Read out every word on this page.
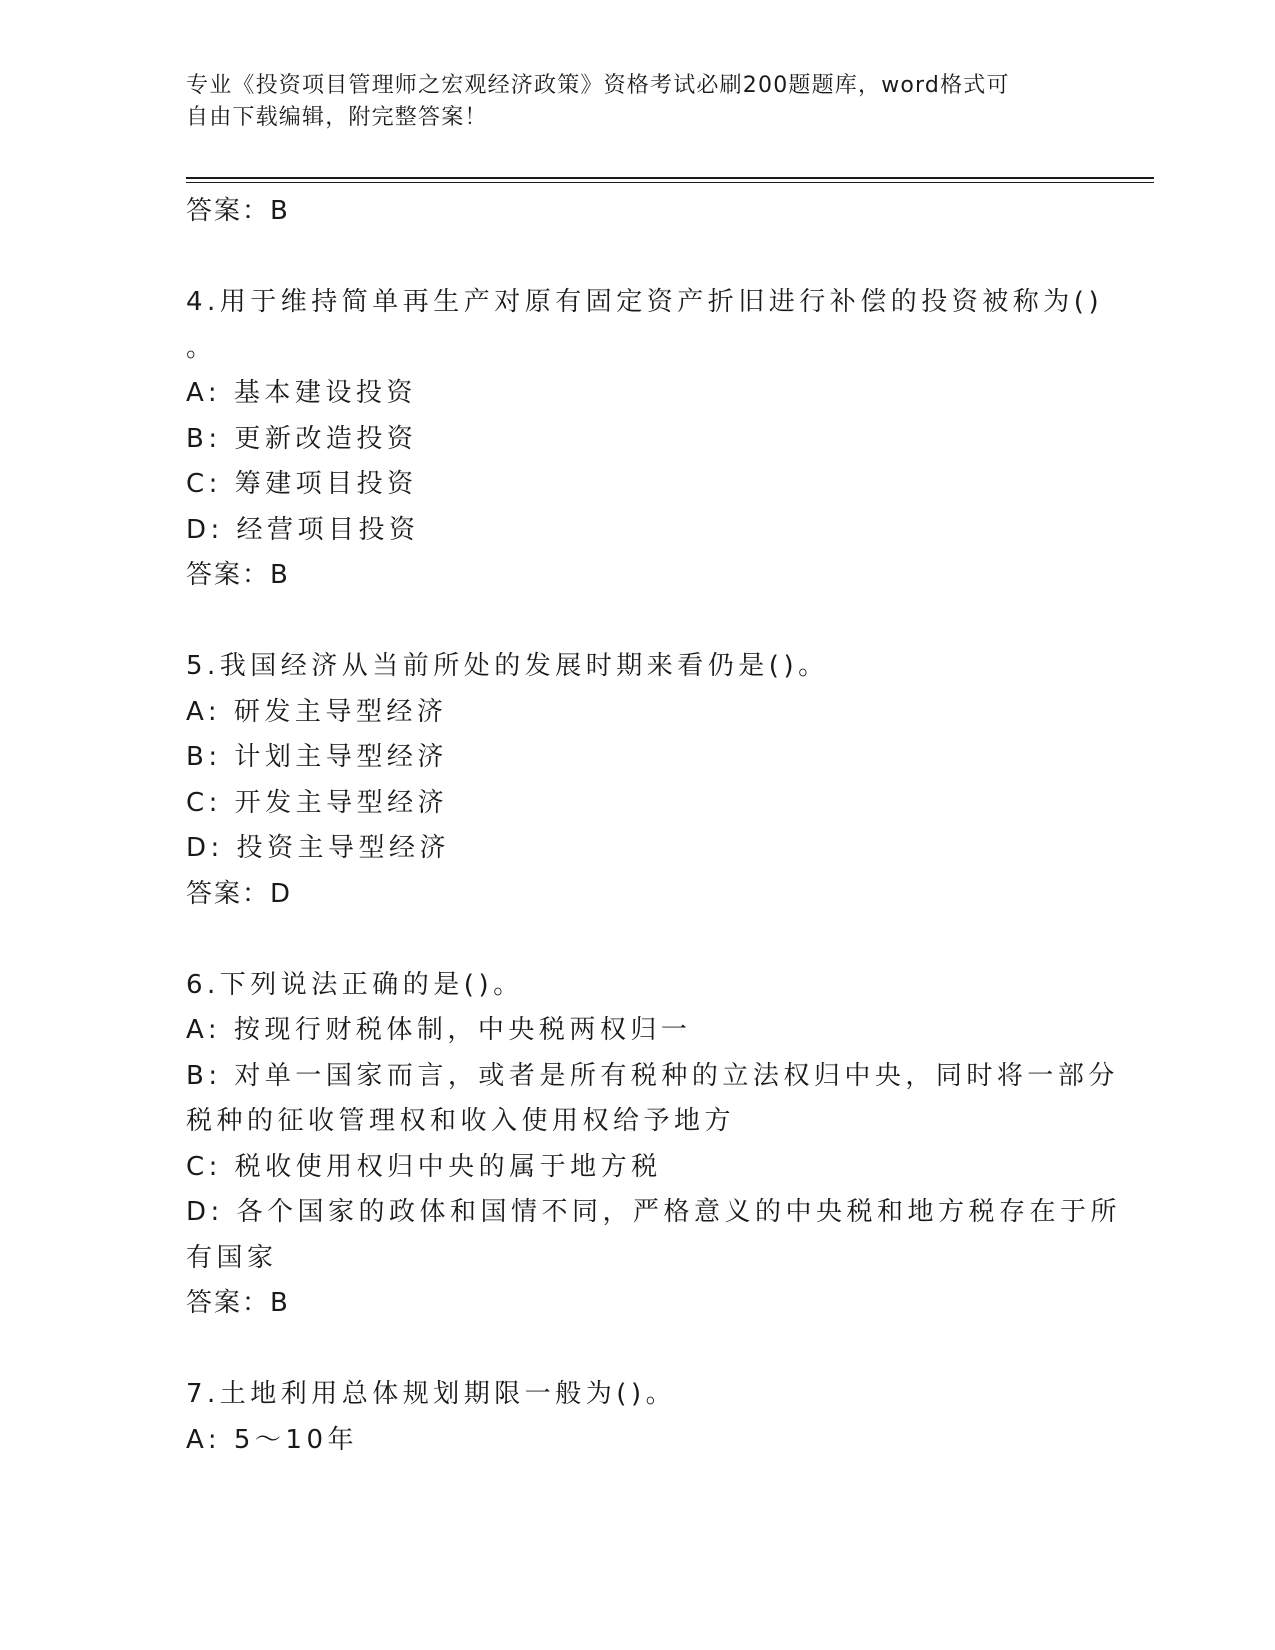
专业《投资项目管理师之宏观经济政策》资格考试必刷200题题库，word格式可
自由下载编辑，附完整答案！
答案：B
4.用于维持简单再生产对原有固定资产折旧进行补偿的投资被称为()
。
A: 基本建设投资
B: 更新改造投资
C: 筹建项目投资
D: 经营项目投资
答案：B
5.我国经济从当前所处的发展时期来看仍是()。
A: 研发主导型经济
B: 计划主导型经济
C: 开发主导型经济
D: 投资主导型经济
答案：D
6.下列说法正确的是()。
A: 按现行财税体制，中央税两权归一
B: 对单一国家而言，或者是所有税种的立法权归中央，同时将一部分
税种的征收管理权和收入使用权给予地方
C: 税收使用权归中央的属于地方税
D: 各个国家的政体和国情不同，严格意义的中央税和地方税存在于所
有国家
答案：B
7.土地利用总体规划期限一般为()。
A: 5～10年
